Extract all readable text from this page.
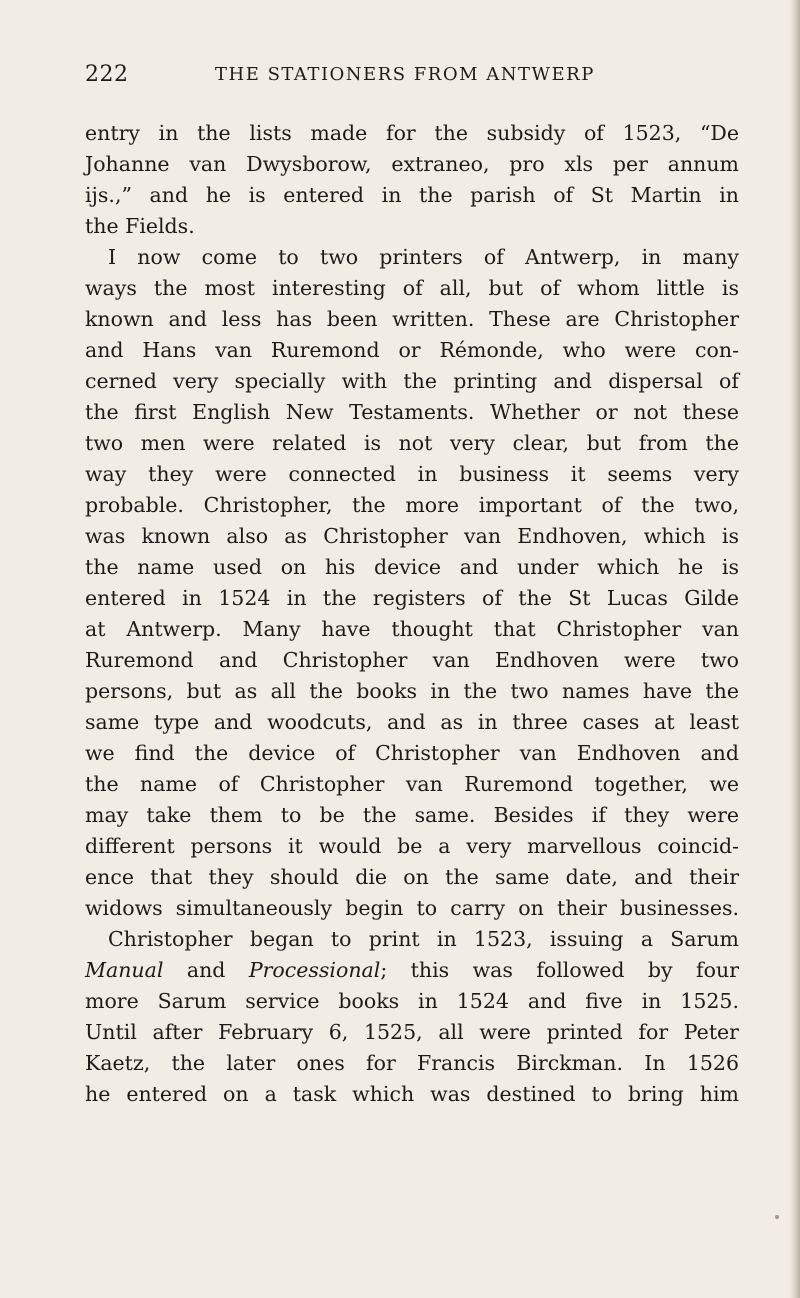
222	THE STATIONERS FROM ANTWERP
entry in the lists made for the subsidy of 1523, “De
Johanne van Dwysborow, extraneo, pro xls per annum
ijs.,” and he is entered in the parish of St Martin in
the Fields.
I now come to two printers of Antwerp, in many
ways the most interesting of all, but of whom little is
known and less has been written. These are Christopher
and Hans van Ruremond or Rémonde, who were con-
cerned very specially with the printing and dispersal of
the first English New Testaments. Whether or not these
two men were related is not very clear, but from the
way they were connected in business it seems very
probable. Christopher, the more important of the two,
was known also as Christopher van Endhoven, which is
the name used on his device and under which he is
entered in 1524 in the registers of the St Lucas Gilde
at Antwerp. Many have thought that Christopher van
Ruremond and Christopher van Endhoven were two
persons, but as all the books in the two names have the
same type and woodcuts, and as in three cases at least
we find the device of Christopher van Endhoven and
the name of Christopher van Ruremond together, we
may take them to be the same. Besides if they were
different persons it would be a very marvellous coincid-
ence that they should die on the same date, and their
widows simultaneously begin to carry on their businesses.
Christopher began to print in 1523, issuing a Sarum
Manual and Processional; this was followed by four
more Sarum service books in 1524 and five in 1525.
Until after February 6, 1525, all were printed for Peter
Kaetz, the later ones for Francis Birckman. In 1526
he entered on a task which was destined to bring him
